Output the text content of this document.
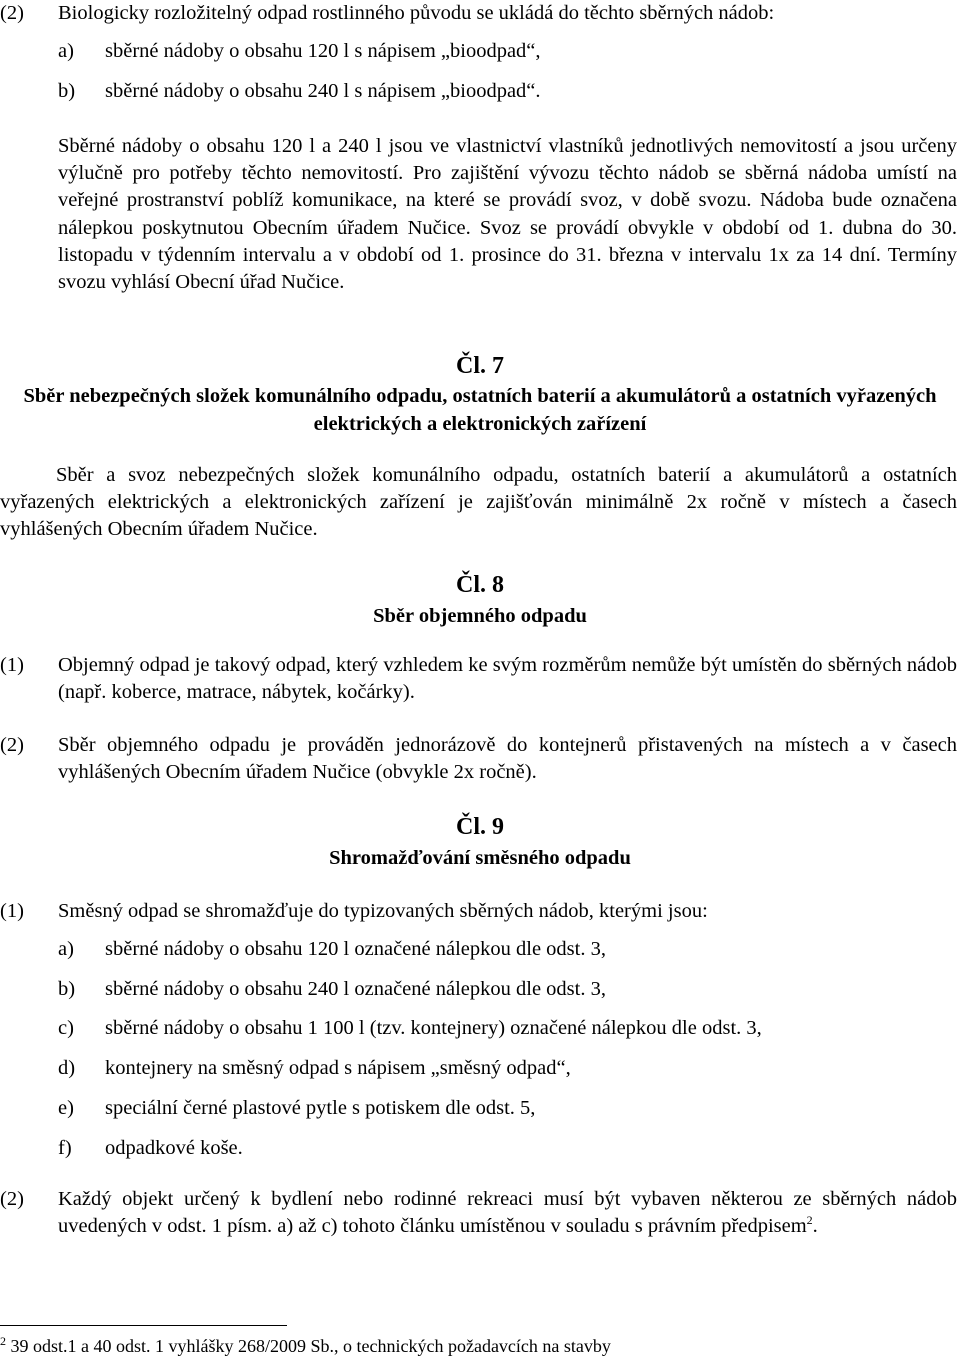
(2) Biologicky rozložitelný odpad rostlinného původu se ukládá do těchto sběrných nádob:
a) sběrné nádoby o obsahu 120 l s nápisem „bioodpad“,
b) sběrné nádoby o obsahu 240 l s nápisem „bioodpad“.
Sběrné nádoby o obsahu 120 l a 240 l jsou ve vlastnictví vlastníků jednotlivých nemovitostí a jsou určeny výlučně pro potřeby těchto nemovitostí. Pro zajištění vývozu těchto nádob se sběrná nádoba umístí na veřejné prostranství poblíž komunikace, na které se provádí svoz, v době svozu. Nádoba bude označena nálepkou poskytnutou Obecním úřadem Nučice. Svoz se provádí obvykle v období od 1. dubna do 30. listopadu v týdenním intervalu a v období od 1. prosince do 31. března v intervalu 1x za 14 dní. Termíny svozu vyhlásí Obecní úřad Nučice.
Čl. 7
Sběr nebezpečných složek komunálního odpadu, ostatních baterií a akumulátorů a ostatních vyřazených elektrických a elektronických zařízení
Sběr a svoz nebezpečných složek komunálního odpadu, ostatních baterií a akumulátorů a ostatních vyřazených elektrických a elektronických zařízení je zajišťován minimálně 2x ročně v místech a časech vyhlášených Obecním úřadem Nučice.
Čl. 8
Sběr objemného odpadu
(1) Objemný odpad je takový odpad, který vzhledem ke svým rozměrům nemůže být umístěn do sběrných nádob (např. koberce, matrace, nábytek, kočárky).
(2) Sběr objemného odpadu je prováděn jednorázově do kontejnerů přistavených na místech a v časech vyhlášených Obecním úřadem Nučice (obvykle 2x ročně).
Čl. 9
Shromažďování směsného odpadu
(1) Směsný odpad se shromažďuje do typizovaných sběrných nádob, kterými jsou:
a) sběrné nádoby o obsahu 120 l označené nálepkou dle odst. 3,
b) sběrné nádoby o obsahu 240 l označené nálepkou dle odst. 3,
c) sběrné nádoby o obsahu 1 100 l (tzv. kontejnery) označené nálepkou dle odst. 3,
d) kontejnery na směsný odpad s nápisem „směsný odpad“,
e) speciální černé plastové pytle s potiskem dle odst. 5,
f) odpadkové koše.
(2) Každý objekt určený k bydlení nebo rodinné rekreaci musí být vybaven některou ze sběrných nádob uvedených v odst. 1 písm. a) až c) tohoto článku umístěnou v souladu s právním předpisem$^2$.
$^2$ 39 odst.1 a 40 odst. 1 vyhlášky 268/2009 Sb., o technických požadavcích na stavby
